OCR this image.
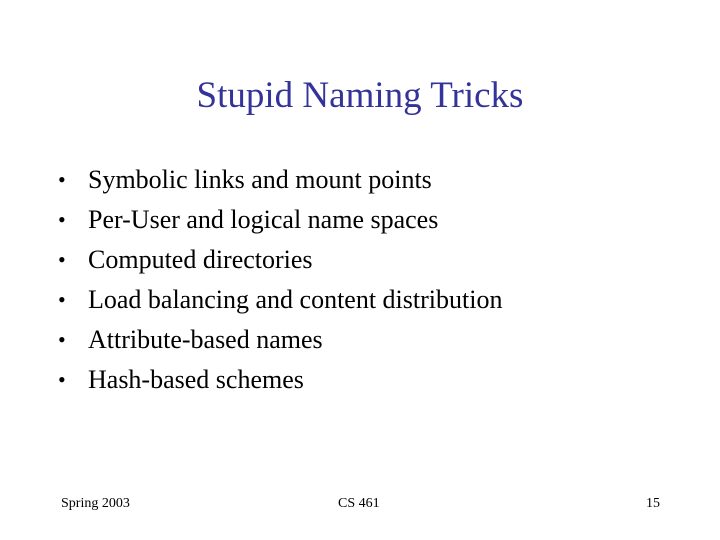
Stupid Naming Tricks
• Symbolic links and mount points
• Per-User and logical name spaces
• Computed directories
• Load balancing and content distribution
• Attribute-based names
• Hash-based schemes
Spring 2003	CS 461	15
